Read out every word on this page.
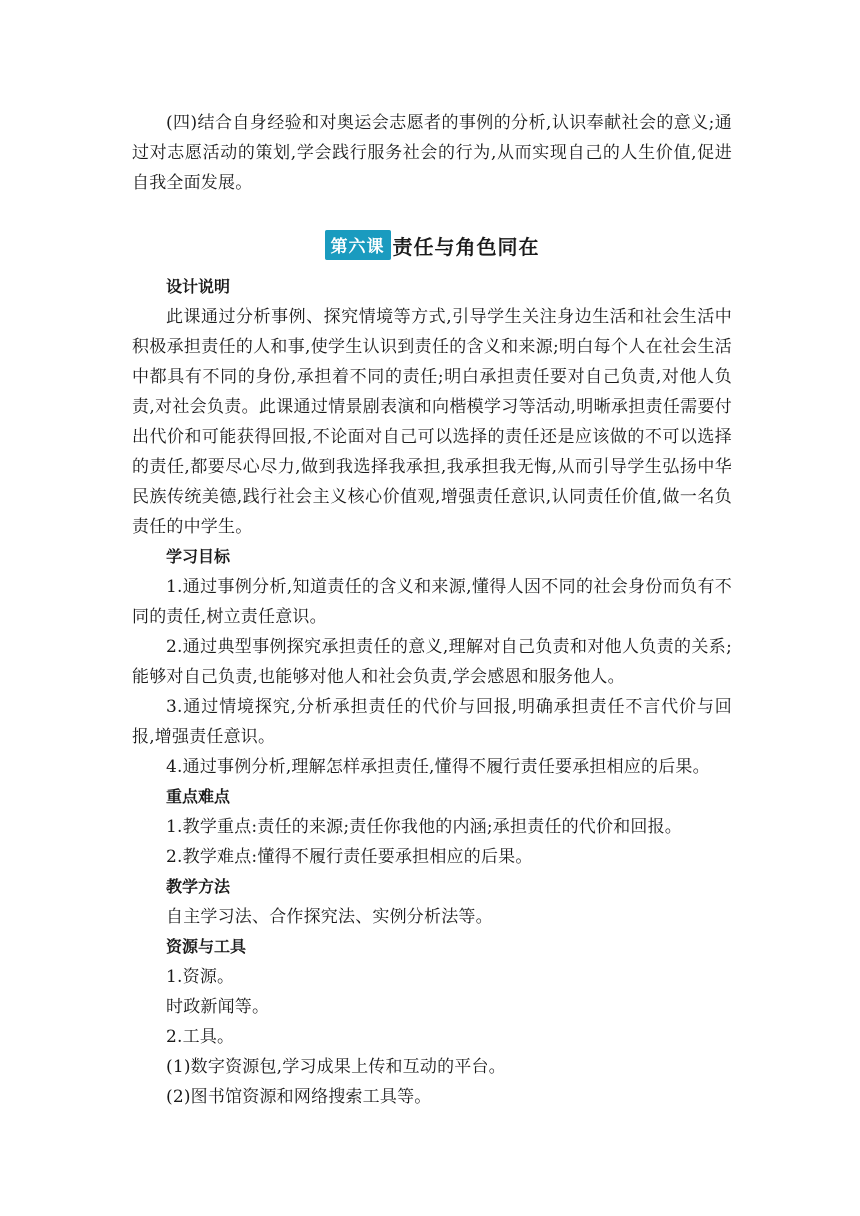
(四)结合自身经验和对奥运会志愿者的事例的分析,认识奉献社会的意义;通过对志愿活动的策划,学会践行服务社会的行为,从而实现自己的人生价值,促进自我全面发展。

第六课 责任与角色同在

设计说明

此课通过分析事例、探究情境等方式,引导学生关注身边生活和社会生活中积极承担责任的人和事,使学生认识到责任的含义和来源;明白每个人在社会生活中都具有不同的身份,承担着不同的责任;明白承担责任要对自己负责,对他人负责,对社会负责。此课通过情景剧表演和向楷模学习等活动,明晰承担责任需要付出代价和可能获得回报,不论面对自己可以选择的责任还是应该做的不可以选择的责任,都要尽心尽力,做到我选择我承担,我承担我无悔,从而引导学生弘扬中华民族传统美德,践行社会主义核心价值观,增强责任意识,认同责任价值,做一名负责任的中学生。

学习目标

1.通过事例分析,知道责任的含义和来源,懂得人因不同的社会身份而负有不同的责任,树立责任意识。

2.通过典型事例探究承担责任的意义,理解对自己负责和对他人负责的关系;能够对自己负责,也能够对他人和社会负责,学会感恩和服务他人。

3.通过情境探究,分析承担责任的代价与回报,明确承担责任不言代价与回报,增强责任意识。

4.通过事例分析,理解怎样承担责任,懂得不履行责任要承担相应的后果。

重点难点

1.教学重点:责任的来源;责任你我他的内涵;承担责任的代价和回报。

2.教学难点:懂得不履行责任要承担相应的后果。

教学方法

自主学习法、合作探究法、实例分析法等。

资源与工具

1.资源。

时政新闻等。

2.工具。

(1)数字资源包,学习成果上传和互动的平台。

(2)图书馆资源和网络搜索工具等。
